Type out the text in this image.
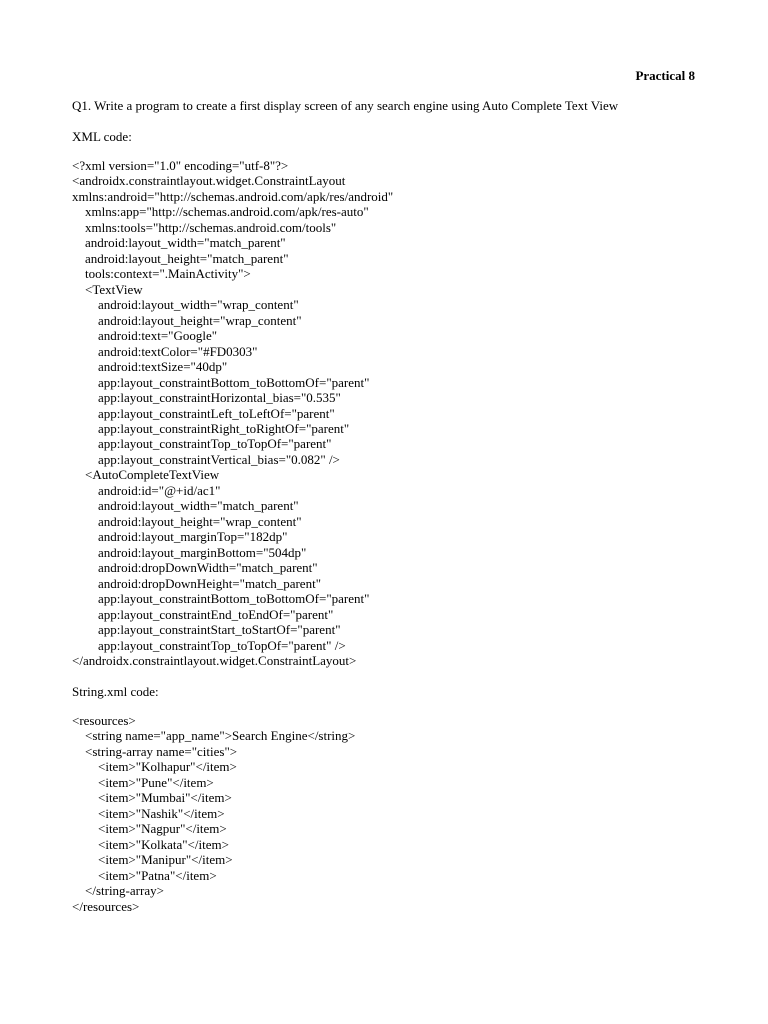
Practical 8
Q1. Write a program to create a first display screen of any search engine using Auto Complete Text View
XML code:
<?xml version="1.0" encoding="utf-8"?>
<androidx.constraintlayout.widget.ConstraintLayout
xmlns:android="http://schemas.android.com/apk/res/android"
xmlns:app="http://schemas.android.com/apk/res-auto"
xmlns:tools="http://schemas.android.com/tools"
android:layout_width="match_parent"
android:layout_height="match_parent"
tools:context=".MainActivity">
<TextView
android:layout_width="wrap_content"
android:layout_height="wrap_content"
android:text="Google"
android:textColor="#FD0303"
android:textSize="40dp"
app:layout_constraintBottom_toBottomOf="parent"
app:layout_constraintHorizontal_bias="0.535"
app:layout_constraintLeft_toLeftOf="parent"
app:layout_constraintRight_toRightOf="parent"
app:layout_constraintTop_toTopOf="parent"
app:layout_constraintVertical_bias="0.082" />
<AutoCompleteTextView
android:id="@+id/ac1"
android:layout_width="match_parent"
android:layout_height="wrap_content"
android:layout_marginTop="182dp"
android:layout_marginBottom="504dp"
android:dropDownWidth="match_parent"
android:dropDownHeight="match_parent"
app:layout_constraintBottom_toBottomOf="parent"
app:layout_constraintEnd_toEndOf="parent"
app:layout_constraintStart_toStartOf="parent"
app:layout_constraintTop_toTopOf="parent" />
</androidx.constraintlayout.widget.ConstraintLayout>
String.xml code:
<resources>
<string name="app_name">Search Engine</string>
<string-array name="cities">
<item>"Kolhapur"</item>
<item>"Pune"</item>
<item>"Mumbai"</item>
<item>"Nashik"</item>
<item>"Nagpur"</item>
<item>"Kolkata"</item>
<item>"Manipur"</item>
<item>"Patna"</item>
</string-array>
</resources>
